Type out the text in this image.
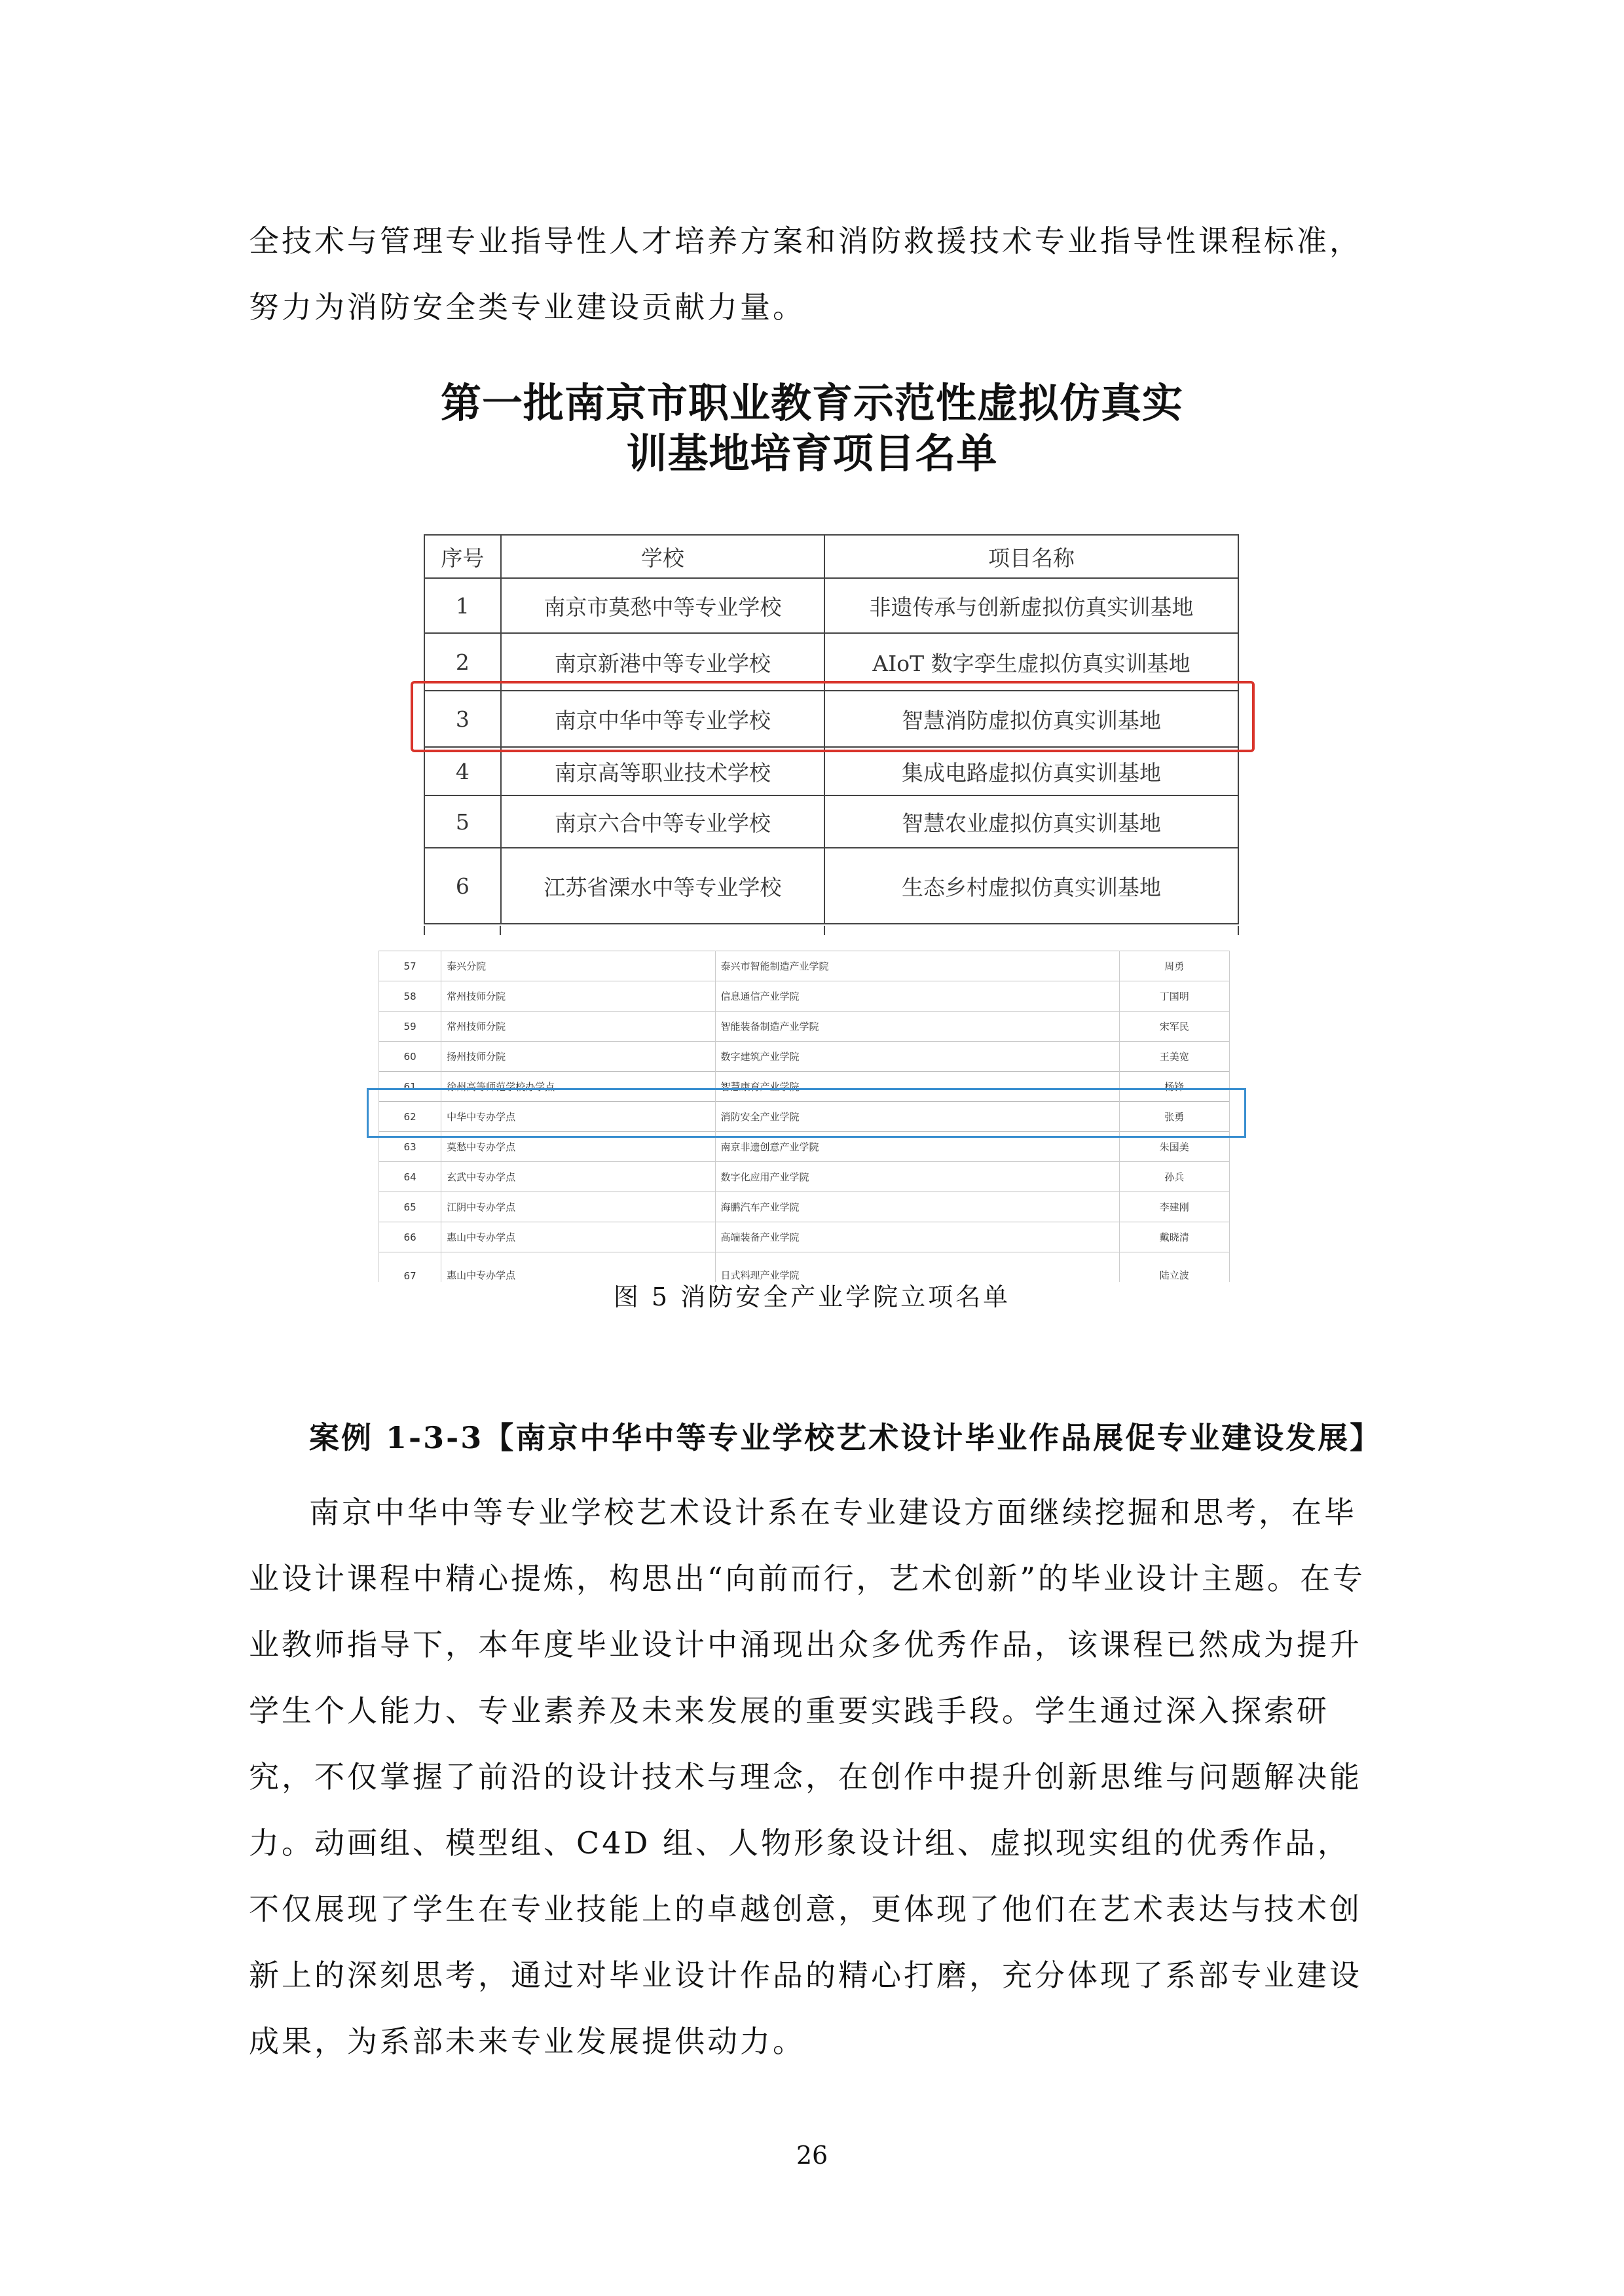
全技术与管理专业指导性人才培养方案和消防救援技术专业指导性课程标准，努力为消防安全类专业建设贡献力量。

第一批南京市职业教育示范性虚拟仿真实
训基地培育项目名单
序号	学校	项目名称
1	南京市莫愁中等专业学校	非遗传承与创新虚拟仿真实训基地
2	南京新港中等专业学校	AIoT 数字孪生虚拟仿真实训基地
3	南京中华中等专业学校	智慧消防虚拟仿真实训基地
4	南京高等职业技术学校	集成电路虚拟仿真实训基地
5	南京六合中等专业学校	智慧农业虚拟仿真实训基地
6	江苏省溧水中等专业学校	生态乡村虚拟仿真实训基地
57	泰兴分院	泰兴市智能制造产业学院	周勇
58	常州技师分院	信息通信产业学院	丁国明
59	常州技师分院	智能装备制造产业学院	宋军民
60	扬州技师分院	数字建筑产业学院	王美宽
61	徐州高等师范学校办学点	智慧康育产业学院	杨锋
62	中华中专办学点	消防安全产业学院	张勇
63	莫愁中专办学点	南京非遗创意产业学院	朱国美
64	玄武中专办学点	数字化应用产业学院	孙兵
65	江阴中专办学点	海鹏汽车产业学院	李建刚
66	惠山中专办学点	高端装备产业学院	戴晓清
67	惠山中专办学点	日式料理产业学院	陆立波
图 5 消防安全产业学院立项名单
案例 1-3-3【南京中华中等专业学校艺术设计毕业作品展促专业建设发展】

南京中华中等专业学校艺术设计系在专业建设方面继续挖掘和思考，在毕业设计课程中精心提炼，构思出“向前而行，艺术创新”的毕业设计主题。在专业教师指导下，本年度毕业设计中涌现出众多优秀作品，该课程已然成为提升学生个人能力、专业素养及未来发展的重要实践手段。学生通过深入探索研究，不仅掌握了前沿的设计技术与理念，在创作中提升创新思维与问题解决能力。动画组、模型组、C4D 组、人物形象设计组、虚拟现实组的优秀作品，不仅展现了学生在专业技能上的卓越创意，更体现了他们在艺术表达与技术创新上的深刻思考，通过对毕业设计作品的精心打磨，充分体现了系部专业建设成果，为系部未来专业发展提供动力。

26
